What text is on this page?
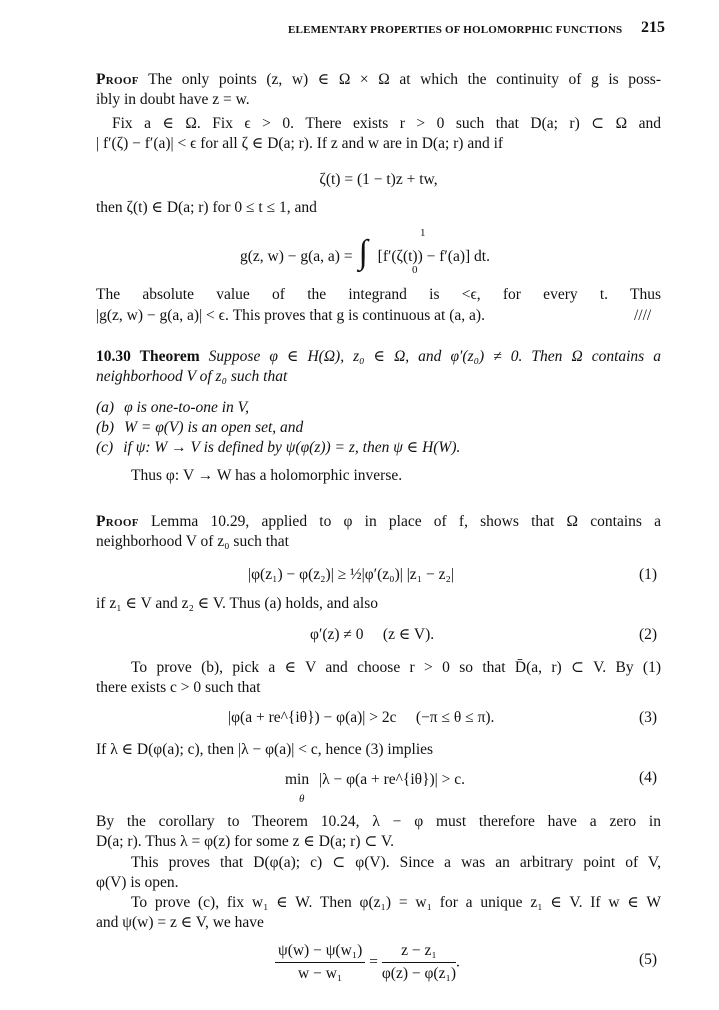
ELEMENTARY PROPERTIES OF HOLOMORPHIC FUNCTIONS 215
Proof The only points (z, w) ∈ Ω × Ω at which the continuity of g is poss-
ibly in doubt have z = w.
Fix a ∈ Ω. Fix ϵ > 0. There exists r > 0 such that D(a; r) ⊂ Ω and
| f′(ζ) − f′(a)| < ϵ for all ζ ∈ D(a; r). If z and w are in D(a; r) and if
ζ(t) = (1 − t)z + tw,
then ζ(t) ∈ D(a; r) for 0 ≤ t ≤ 1, and
g(z, w) − g(a, a) = ∫
1
0
[f′(ζ(t)) − f′(a)] dt.
The absolute value of the integrand is <ϵ, for every t. Thus
|g(z, w) − g(a, a)| < ϵ. This proves that g is continuous at (a, a).	////
10.30 Theorem Suppose φ ∈ H(Ω), z₀ ∈ Ω, and φ′(z₀) ≠ 0. Then Ω contains a
neighborhood V of z₀ such that
(a) φ is one-to-one in V,
(b) W = φ(V) is an open set, and
(c) if ψ: W → V is defined by ψ(φ(z)) = z, then ψ ∈ H(W).
Thus φ: V → W has a holomorphic inverse.
Proof Lemma 10.29, applied to φ in place of f, shows that Ω contains a
neighborhood V of z₀ such that
|φ(z₁) − φ(z₂)| ≥ ½|φ′(z₀)| |z₁ − z₂|	(1)
if z₁ ∈ V and z₂ ∈ V. Thus (a) holds, and also
φ′(z) ≠ 0     (z ∈ V).	(2)
To prove (b), pick a ∈ V and choose r > 0 so that D̄(a, r) ⊂ V. By (1)
there exists c > 0 such that
|φ(a + re^{iθ}) − φ(a)| > 2c     (−π ≤ θ ≤ π).	(3)
If λ ∈ D(φ(a); c), then |λ − φ(a)| < c, hence (3) implies
min |λ − φ(a + re^{iθ})| > c.
θ
(4)
By the corollary to Theorem 10.24, λ − φ must therefore have a zero in
D(a; r). Thus λ = φ(z) for some z ∈ D(a; r) ⊂ V.
This proves that D(φ(a); c) ⊂ φ(V). Since a was an arbitrary point of V,
φ(V) is open.
To prove (c), fix w₁ ∈ W. Then φ(z₁) = w₁ for a unique z₁ ∈ V. If w ∈ W
and ψ(w) = z ∈ V, we have
$\frac{\text{ψ(w) − ψ(w₁)}}{\text{w − w₁}} = \frac{\text{z − z₁}}{\text{φ(z) − φ(z₁)}}$ .	(5)
